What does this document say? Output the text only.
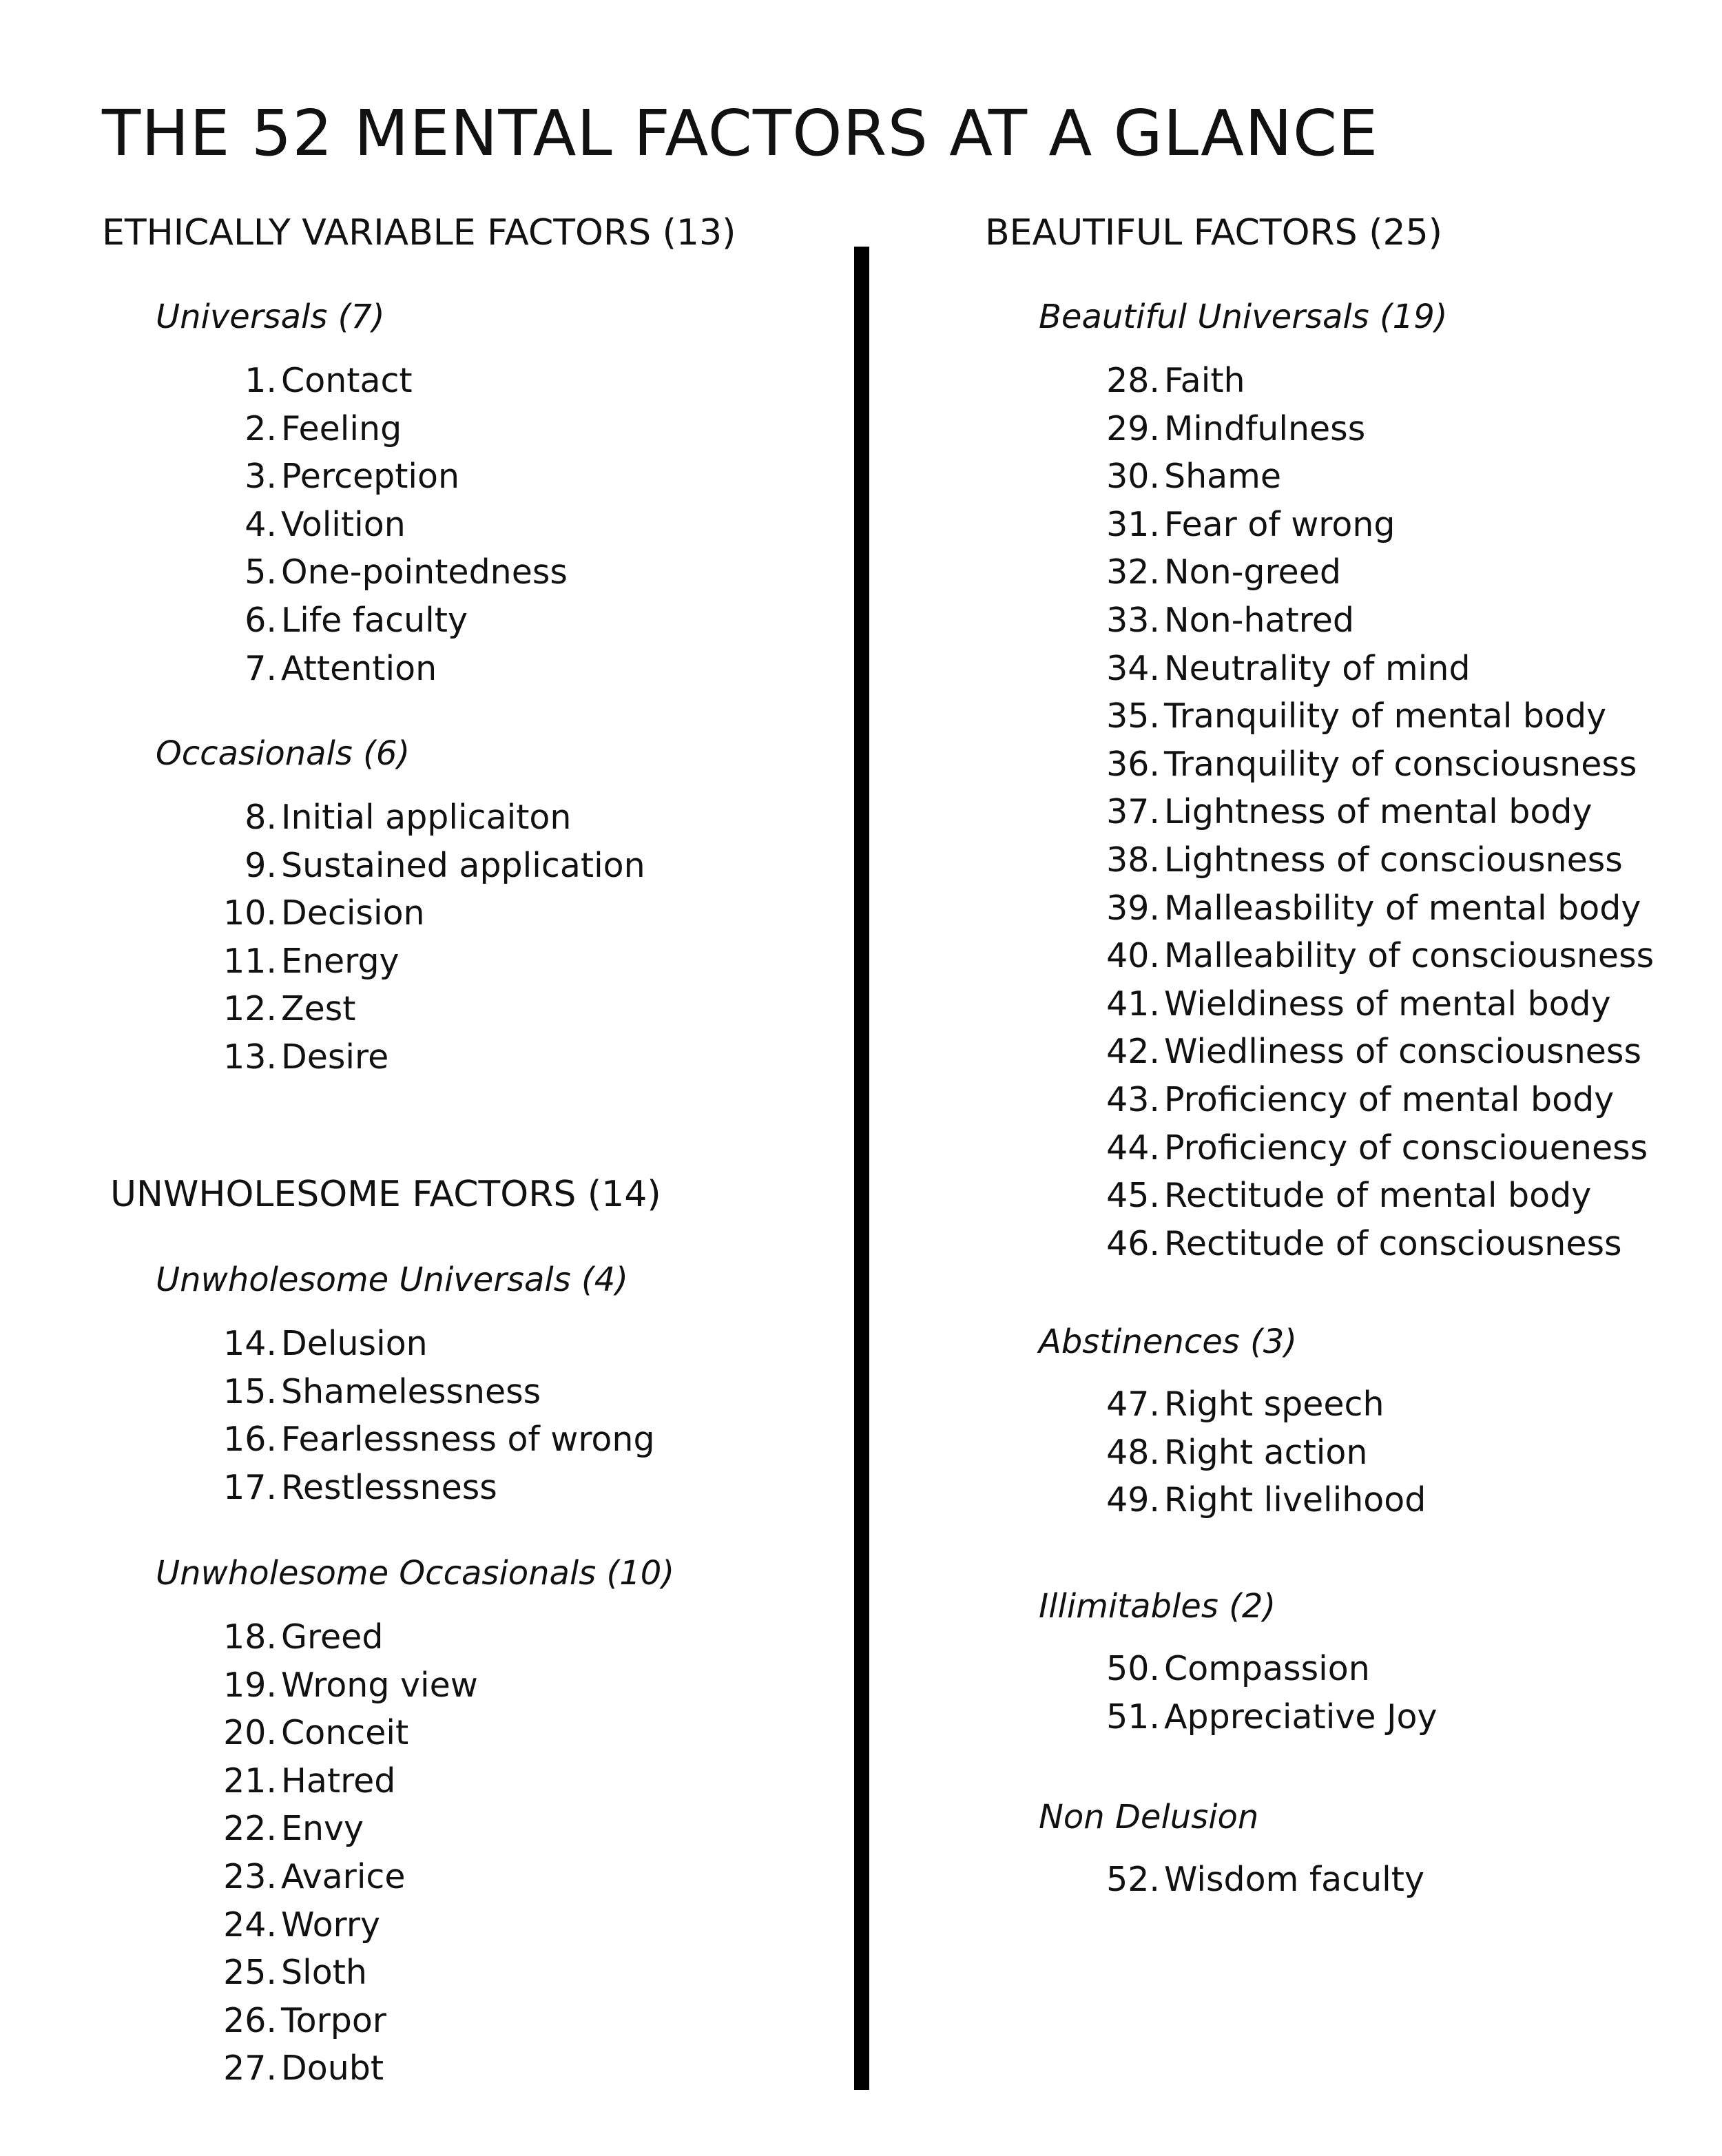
THE 52 MENTAL FACTORS AT A GLANCE
ETHICALLY VARIABLE FACTORS (13)
Universals (7)
1. Contact
2. Feeling
3. Perception
4. Volition
5. One-pointedness
6. Life faculty
7. Attention
Occasionals (6)
8. Initial applicaiton
9. Sustained application
10. Decision
11. Energy
12. Zest
13. Desire
UNWHOLESOME FACTORS (14)
Unwholesome Universals (4)
14. Delusion
15. Shamelessness
16. Fearlessness of wrong
17. Restlessness
Unwholesome Occasionals (10)
18. Greed
19. Wrong view
20. Conceit
21. Hatred
22. Envy
23. Avarice
24. Worry
25. Sloth
26. Torpor
27. Doubt
BEAUTIFUL FACTORS (25)
Beautiful Universals (19)
28. Faith
29. Mindfulness
30. Shame
31. Fear of wrong
32. Non-greed
33. Non-hatred
34. Neutrality of mind
35. Tranquility of mental body
36. Tranquility of consciousness
37. Lightness of mental body
38. Lightness of consciousness
39. Malleasbility of mental body
40. Malleability of consciousness
41. Wieldiness of mental body
42. Wiedliness of consciousness
43. Proficiency of mental body
44. Proficiency of conscioueness
45. Rectitude of mental body
46. Rectitude of consciousness
Abstinences (3)
47. Right speech
48. Right action
49. Right livelihood
Illimitables (2)
50. Compassion
51. Appreciative Joy
Non Delusion
52. Wisdom faculty
